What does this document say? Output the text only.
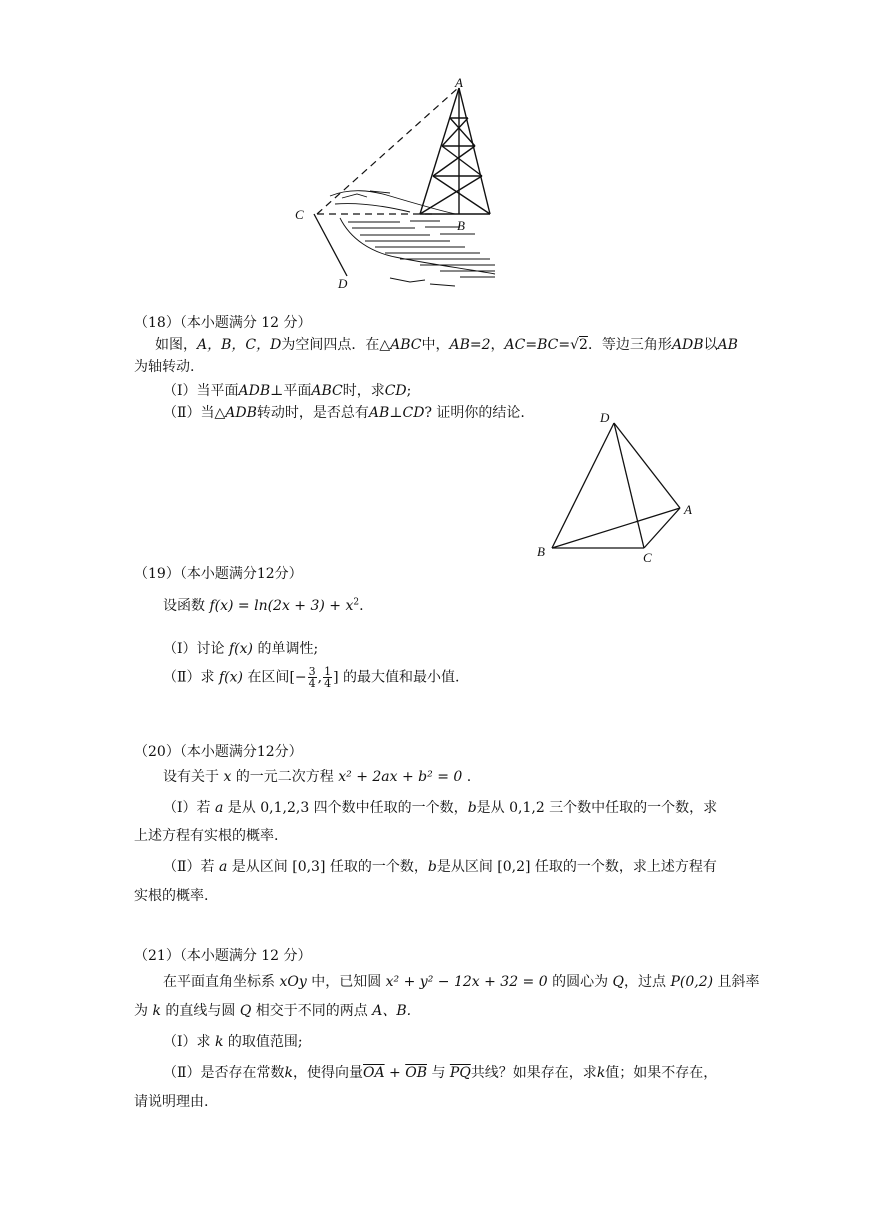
A
B
C
D
（18）（本小题满分 12 分）
如图，A，B，C，D为空间四点．在△ABC中，AB=2，AC=BC=√2．等边三角形ADB以AB
为轴转动.
（Ⅰ）当平面ADB⊥平面ABC时，求CD;
（Ⅱ）当△ADB转动时，是否总有AB⊥CD? 证明你的结论.	D
A
B	C
（19）（本小题满分12分）
设函数 $f(x) = \ln(2x + 3) + x^2$.
（Ⅰ）讨论 f(x) 的单调性;
（Ⅱ）求 f(x) 在区间[− $\frac{3}{4}$ , $\frac{1}{4}$ ] 的最大值和最小值.
（20）（本小题满分12分）
设有关于 x 的一元二次方程 x² + 2ax + b² = 0 .
（Ⅰ）若 a 是从 0,1,2,3 四个数中任取的一个数，b是从 0,1,2 三个数中任取的一个数，求
上述方程有实根的概率.
（Ⅱ）若 a 是从区间 [0,3] 任取的一个数，b是从区间 [0,2] 任取的一个数，求上述方程有
实根的概率.
（21）（本小题满分 12 分）
在平面直角坐标系 xOy 中，已知圆 x² + y² − 12x + 32 = 0 的圆心为 Q，过点 P(0,2) 且斜率
为 k 的直线与圆 Q 相交于不同的两点 A、B.
（Ⅰ）求 k 的取值范围;
（Ⅱ）是否存在常数k，使得向量$\overline{OA} + \overline{OB}$ 与 $\overline{PQ}$共线？如果存在，求k值；如果不存在，
请说明理由.
